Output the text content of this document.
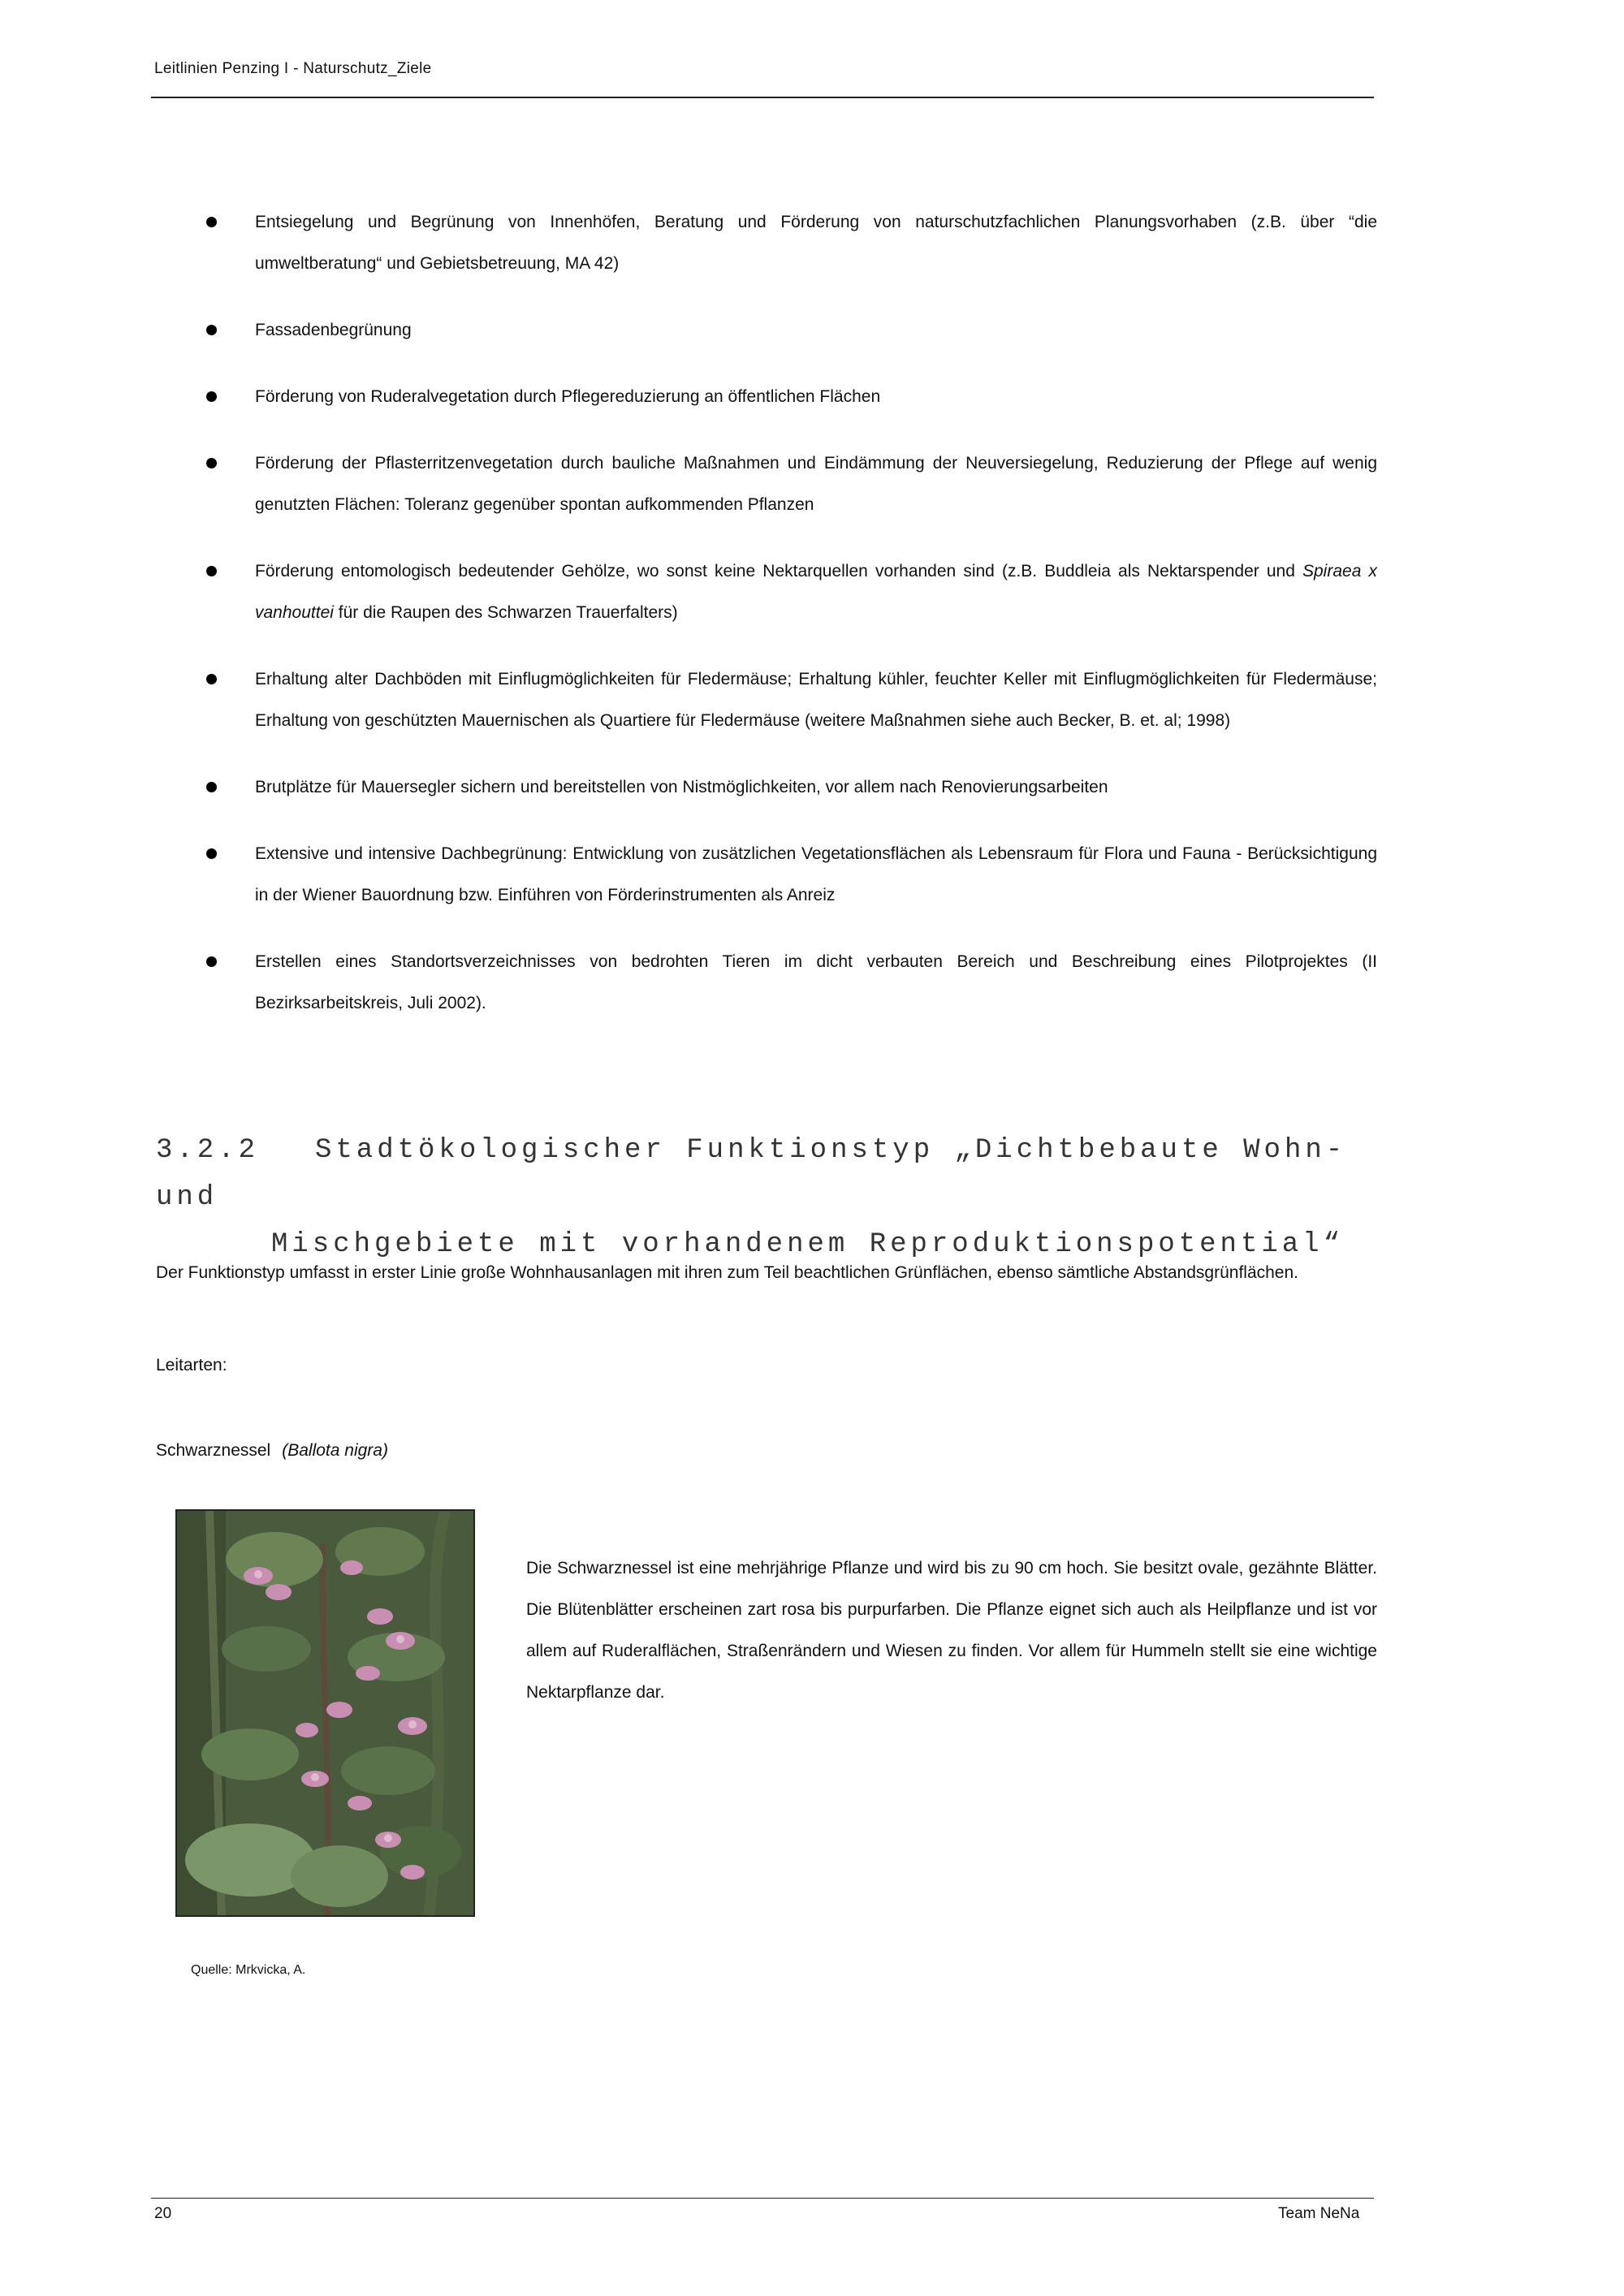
Leitlinien Penzing I - Naturschutz_Ziele
Entsiegelung und Begrünung von Innenhöfen, Beratung und Förderung von naturschutzfachlichen Planungsvorhaben (z.B. über “die umweltberatung“ und Gebietsbetreuung, MA 42)
Fassadenbegrünung
Förderung von Ruderalvegetation durch Pflegereduzierung an öffentlichen Flächen
Förderung der Pflasterritzenvegetation durch bauliche Maßnahmen und Eindämmung der Neuversiegelung, Reduzierung der Pflege auf wenig genutzten Flächen: Toleranz gegenüber spontan aufkommenden Pflanzen
Förderung entomologisch bedeutender Gehölze, wo sonst keine Nektarquellen vorhanden sind (z.B. Buddleia als Nektarspender und Spiraea x vanhouttei für die Raupen des Schwarzen Trauerfalters)
Erhaltung alter Dachböden mit Einflugmöglichkeiten für Fledermäuse; Erhaltung kühler, feuchter Keller mit Einflugmöglichkeiten für Fledermäuse; Erhaltung von geschützten Mauernischen als Quartiere für Fledermäuse (weitere Maßnahmen siehe auch Becker, B. et. al; 1998)
Brutplätze für Mauersegler sichern und bereitstellen von Nistmöglichkeiten, vor allem nach Renovierungsarbeiten
Extensive und intensive Dachbegrünung: Entwicklung von zusätzlichen Vegetationsflächen als Lebensraum für Flora und Fauna - Berücksichtigung in der Wiener Bauordnung bzw. Einführen von Förderinstrumenten als Anreiz
Erstellen eines Standortsverzeichnisses von bedrohten Tieren im dicht verbauten Bereich und Beschreibung eines Pilotprojektes (II Bezirksarbeitskreis, Juli 2002).
3.2.2 Stadtökologischer Funktionstyp „Dichtbebaute Wohn- und
Mischgebiete mit vorhandenem Reproduktionspotential“

Der Funktionstyp umfasst in erster Linie große Wohnhausanlagen mit ihren zum Teil beachtlichen Grünflächen, ebenso sämtliche Abstandsgrünflächen.

Leitarten:
Schwarznessel (Ballota nigra)

Die Schwarznessel ist eine mehrjährige Pflanze und wird bis zu 90 cm hoch. Sie besitzt ovale, gezähnte Blätter. Die Blütenblätter erscheinen zart rosa bis purpurfarben. Die Pflanze eignet sich auch als Heilpflanze und ist vor allem auf Ruderalflächen, Straßenrändern und Wiesen zu finden. Vor allem für Hummeln stellt sie eine wichtige Nektarpflanze dar.

Quelle: Mrkvicka, A.
20	Team NeNa
